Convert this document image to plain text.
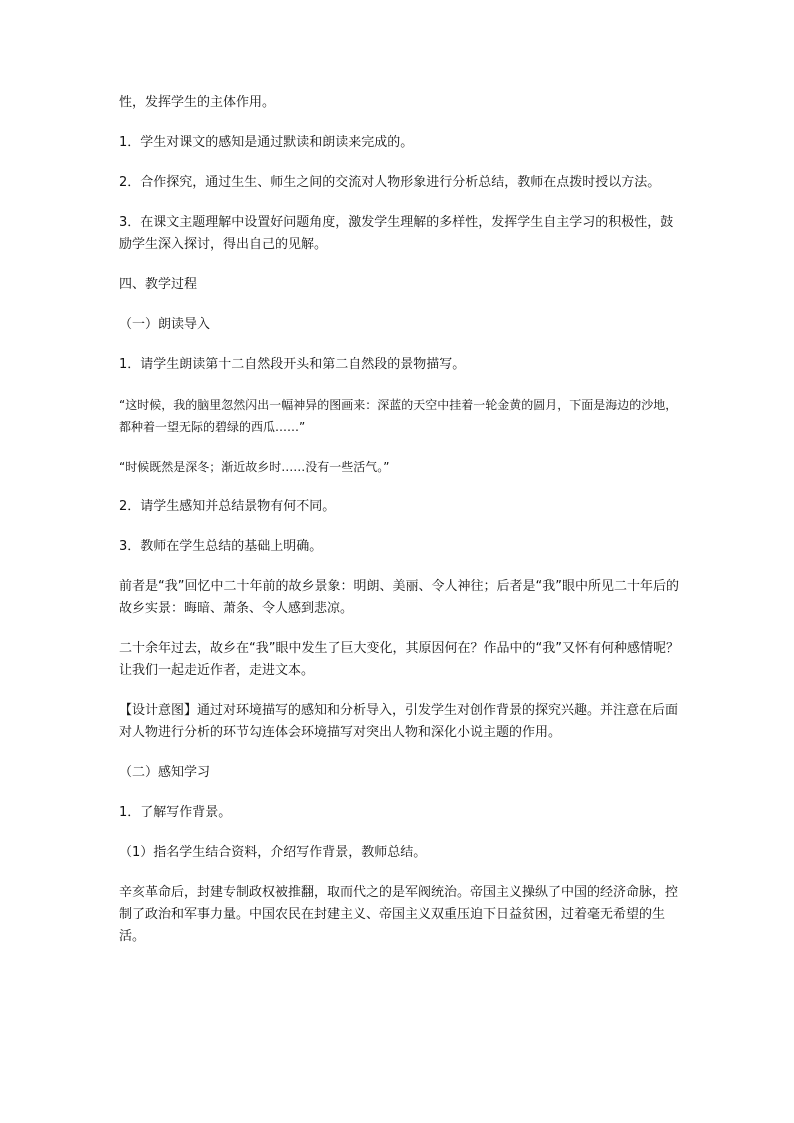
性，发挥学生的主体作用。

1．学生对课文的感知是通过默读和朗读来完成的。

2．合作探究，通过生生、师生之间的交流对人物形象进行分析总结，教师在点拨时授以方法。

3．在课文主题理解中设置好问题角度，激发学生理解的多样性，发挥学生自主学习的积极性，鼓励学生深入探讨，得出自己的见解。

四、教学过程

（一）朗读导入

1．请学生朗读第十二自然段开头和第二自然段的景物描写。

“这时候，我的脑里忽然闪出一幅神异的图画来：深蓝的天空中挂着一轮金黄的圆月，下面是海边的沙地，都种着一望无际的碧绿的西瓜……”

“时候既然是深冬；渐近故乡时……没有一些活气。”

2．请学生感知并总结景物有何不同。

3．教师在学生总结的基础上明确。

前者是“我”回忆中二十年前的故乡景象：明朗、美丽、令人神往；后者是“我”眼中所见二十年后的故乡实景：晦暗、萧条、令人感到悲凉。

二十余年过去，故乡在“我”眼中发生了巨大变化，其原因何在？作品中的“我”又怀有何种感情呢？让我们一起走近作者，走进文本。

【设计意图】通过对环境描写的感知和分析导入，引发学生对创作背景的探究兴趣。并注意在后面对人物进行分析的环节勾连体会环境描写对突出人物和深化小说主题的作用。

（二）感知学习

1．了解写作背景。

（1）指名学生结合资料，介绍写作背景，教师总结。

辛亥革命后，封建专制政权被推翻，取而代之的是军阀统治。帝国主义操纵了中国的经济命脉，控制了政治和军事力量。中国农民在封建主义、帝国主义双重压迫下日益贫困，过着毫无希望的生活。
